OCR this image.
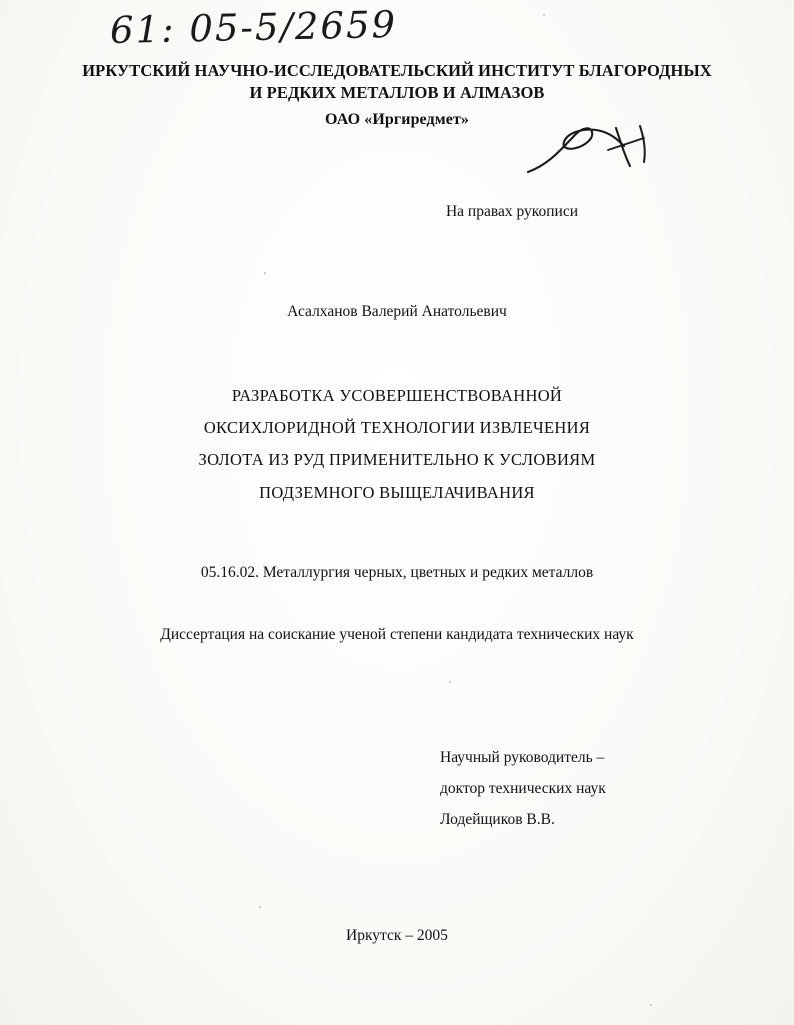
61: 05-5/2659
ИРКУТСКИЙ НАУЧНО-ИССЛЕДОВАТЕЛЬСКИЙ ИНСТИТУТ БЛАГОРОДНЫХ
И РЕДКИХ МЕТАЛЛОВ И АЛМАЗОВ
ОАО «Иргиредмет»
На правах рукописи
Асалханов Валерий Анатольевич
РАЗРАБОТКА УСОВЕРШЕНСТВОВАННОЙ
ОКСИХЛОРИДНОЙ ТЕХНОЛОГИИ ИЗВЛЕЧЕНИЯ
ЗОЛОТА ИЗ РУД ПРИМЕНИТЕЛЬНО К УСЛОВИЯМ
ПОДЗЕМНОГО ВЫЩЕЛАЧИВАНИЯ
05.16.02. Металлургия черных, цветных и редких металлов
Диссертация на соискание ученой степени кандидата технических наук
Научный руководитель –
доктор технических наук
Лодейщиков В.В.
Иркутск – 2005
